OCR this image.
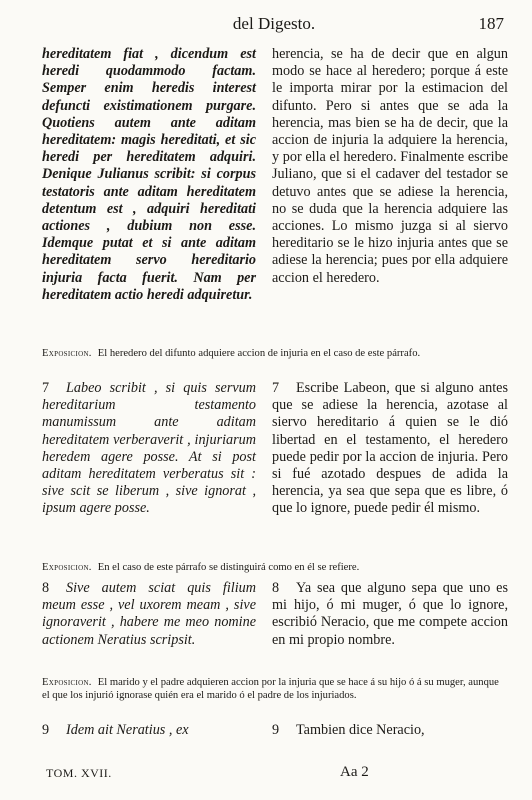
del Digesto.	187
hereditatem fiat , dicendum est heredi quodammodo factam. Semper enim heredis interest defuncti existimationem purgare. Quotiens autem ante aditam hereditatem: magis hereditati, et sic heredi per hereditatem adquiri. Denique Julianus scribit: si corpus testatoris ante aditam hereditatem detentum est , adquiri hereditati actiones , dubium non esse. Idemque putat et si ante aditam hereditatem servo hereditario injuria facta fuerit. Nam per hereditatem actio heredi adquiretur.
herencia, se ha de decir que en algun modo se hace al heredero; porque á este le importa mirar por la estimacion del difunto. Pero si antes que se ada la herencia, mas bien se ha de decir, que la accion de injuria la adquiere la herencia, y por ella el heredero. Finalmente escribe Juliano, que si el cadaver del testador se detuvo antes que se adiese la herencia, no se duda que la herencia adquiere las acciones. Lo mismo juzga si al siervo hereditario se le hizo injuria antes que se adiese la herencia; pues por ella adquiere accion el heredero.
Exposicion. El heredero del difunto adquiere accion de injuria en el caso de este párrafo.
7 Labeo scribit , si quis servum hereditarium testamento manumissum ante aditam hereditatem verberaverit , injuriarum heredem agere posse. At si post aditam hereditatem verberatus sit : sive scit se liberum , sive ignorat , ipsum agere posse.
7 Escribe Labeon, que si alguno antes que se adiese la herencia, azotase al siervo hereditario á quien se le dió libertad en el testamento, el heredero puede pedir por la accion de injuria. Pero si fué azotado despues de adida la herencia, ya sea que sepa que es libre, ó que lo ignore, puede pedir él mismo.
Exposicion. En el caso de este párrafo se distinguirá como en él se refiere.
8 Sive autem sciat quis filium meum esse , vel uxorem meam , sive ignoraverit , habere me meo nomine actionem Neratius scripsit.
8 Ya sea que alguno sepa que uno es mi hijo, ó mi muger, ó que lo ignore, escribió Neracio, que me compete accion en mi propio nombre.
Exposicion. El marido y el padre adquieren accion por la injuria que se hace á su hijo ó á su muger, aunque el que los injurió ignorase quién era el marido ó el padre de los injuriados.
9 Idem ait Neratius , ex	9 Tambien dice Neracio,
TOM. XVII.	Aa 2
